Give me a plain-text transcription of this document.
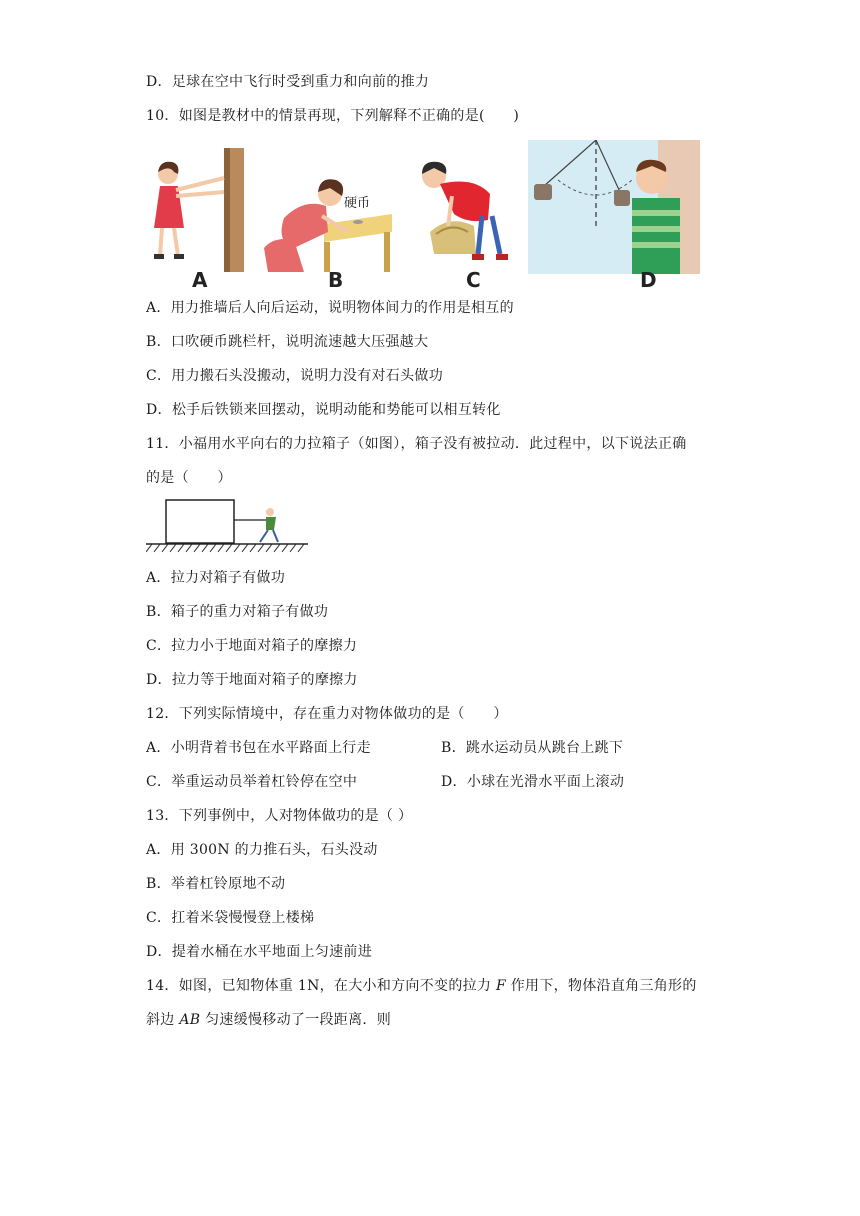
D．足球在空中飞行时受到重力和向前的推力
10．如图是教材中的情景再现，下列解释不正确的是(　　)
A
硬币
B	C	D
A．用力推墙后人向后运动，说明物体间力的作用是相互的
B．口吹硬币跳栏杆，说明流速越大压强越大
C．用力搬石头没搬动，说明力没有对石头做功
D．松手后铁锁来回摆动，说明动能和势能可以相互转化
11．小福用水平向右的力拉箱子（如图），箱子没有被拉动．此过程中，以下说法正确
的是（　　）
A．拉力对箱子有做功
B．箱子的重力对箱子有做功
C．拉力小于地面对箱子的摩擦力
D．拉力等于地面对箱子的摩擦力
12．下列实际情境中，存在重力对物体做功的是（　　）
A．小明背着书包在水平路面上行走	B．跳水运动员从跳台上跳下
C．举重运动员举着杠铃停在空中	D．小球在光滑水平面上滚动
13．下列事例中，人对物体做功的是（ ）
A．用 300N 的力推石头，石头没动
B．举着杠铃原地不动
C．扛着米袋慢慢登上楼梯
D．提着水桶在水平地面上匀速前进
14．如图，已知物体重 1N，在大小和方向不变的拉力 F 作用下，物体沿直角三角形的
斜边 AB 匀速缓慢移动了一段距离．则
